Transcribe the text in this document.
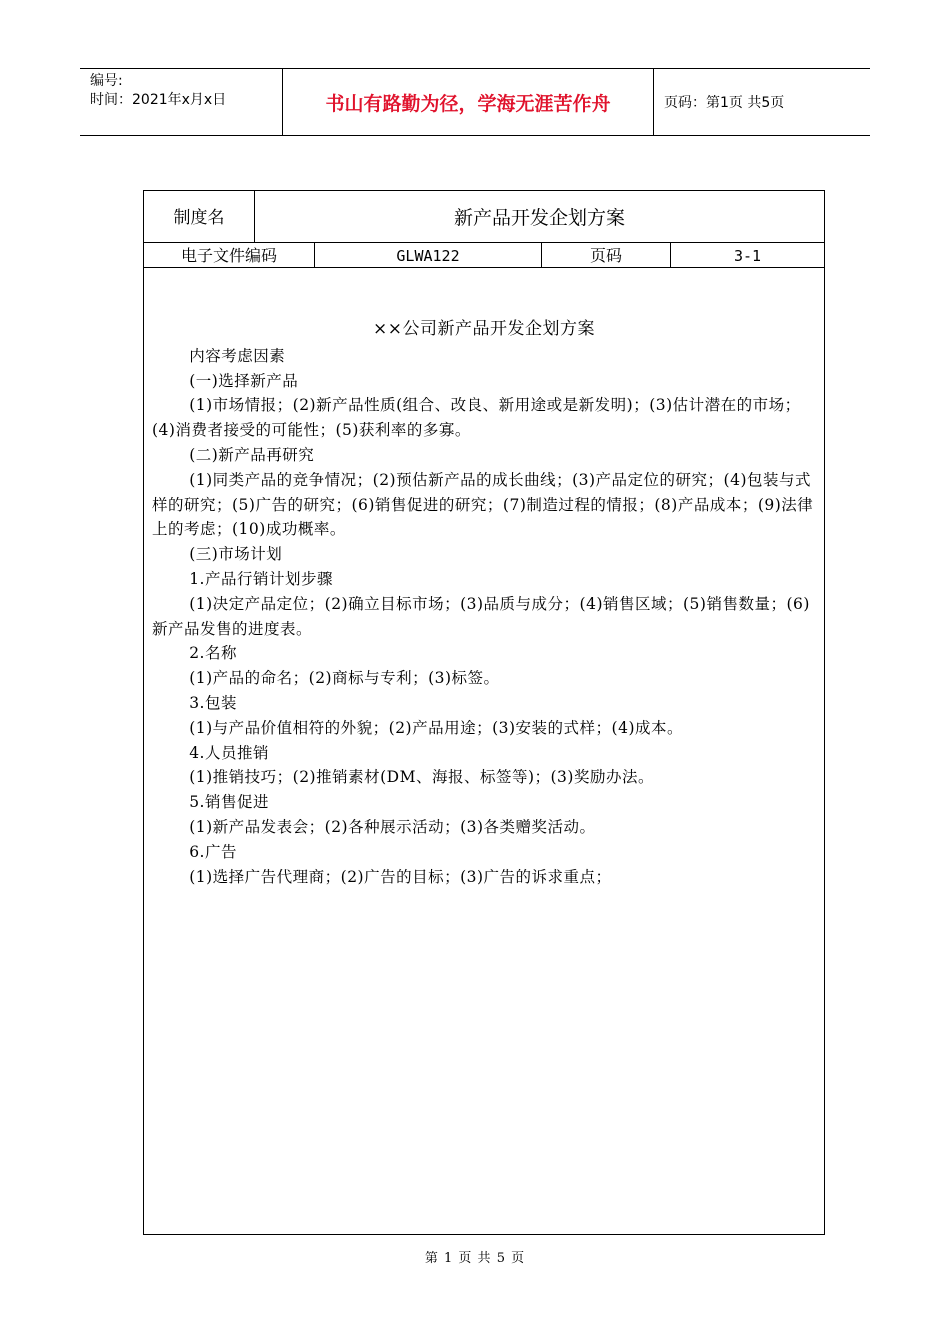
编号:
时间：2021年x月x日	书山有路勤为径，学海无涯苦作舟	页码：第1页 共5页
制度名	新产品开发企划方案
电子文件编码	GLWA122	页码	3-1

××公司新产品开发企划方案

内容考虑因素

(一)选择新产品

(1)市场情报；(2)新产品性质(组合、改良、新用途或是新发明)；(3)估计潜在的市场；(4)消费者接受的可能性；(5)获利率的多寡。

(二)新产品再研究

(1)同类产品的竞争情况；(2)预估新产品的成长曲线；(3)产品定位的研究；(4)包装与式样的研究；(5)广告的研究；(6)销售促进的研究；(7)制造过程的情报；(8)产品成本；(9)法律上的考虑；(10)成功概率。

(三)市场计划

1.产品行销计划步骤

(1)决定产品定位；(2)确立目标市场；(3)品质与成分；(4)销售区域；(5)销售数量；(6)新产品发售的进度表。

2.名称

(1)产品的命名；(2)商标与专利；(3)标签。

3.包装

(1)与产品价值相符的外貌；(2)产品用途；(3)安装的式样；(4)成本。

4.人员推销

(1)推销技巧；(2)推销素材(DM、海报、标签等)；(3)奖励办法。

5.销售促进

(1)新产品发表会；(2)各种展示活动；(3)各类赠奖活动。

6.广告

(1)选择广告代理商；(2)广告的目标；(3)广告的诉求重点；

第 1 页 共 5 页
